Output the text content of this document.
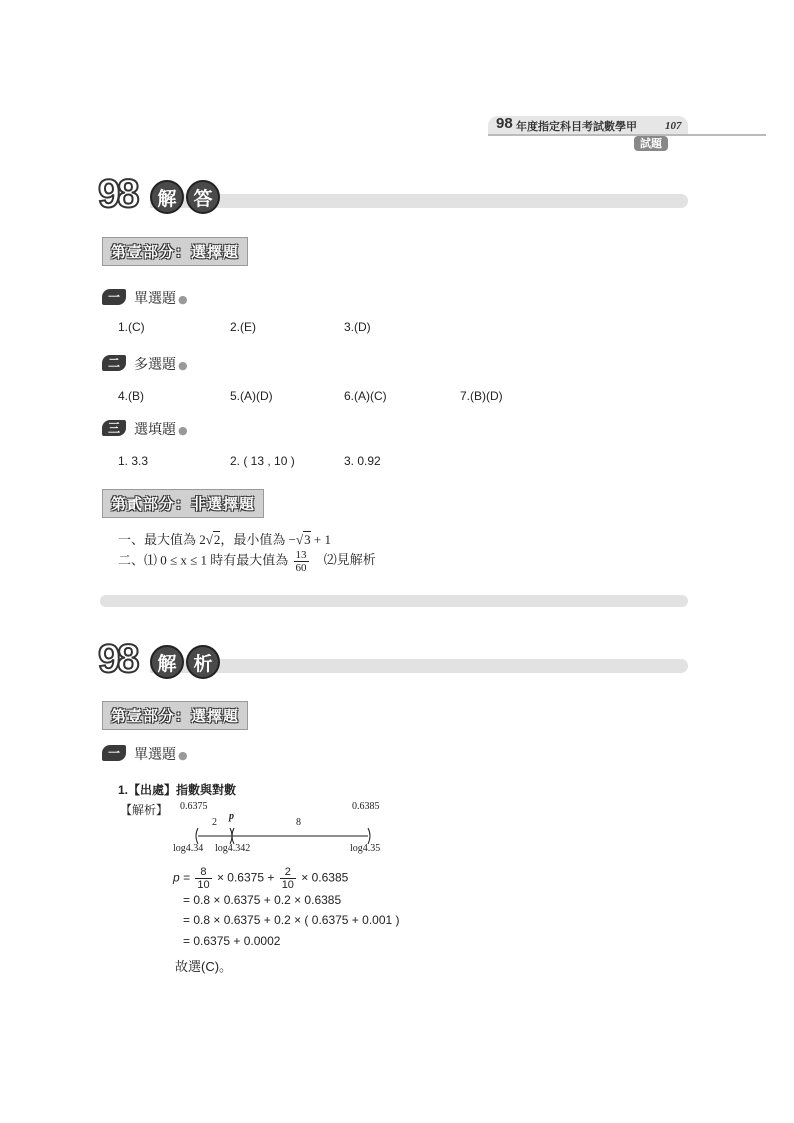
98 年度指定科目考試數學甲	107
試題
98	解 答
第壹部分：選擇題
一	單選題 ●
1.(C)	2.(E)	3.(D)
二	多選題 ●
4.(B)	5.(A)(D)	6.(A)(C)	7.(B)(D)
三	選填題 ●
1. 3.3	2. ( 13 , 10 )	3. 0.92
第貳部分：非選擇題
一、最大值為 2√2，最小值為 −√3 + 1
二、⑴ 0 ≤ x ≤ 1 時有最大值為 $\frac{13}{60}$ ⑵見解析
98	解 析
第壹部分：選擇題
一	單選題 ●
1.【出處】指數與對數
【解析】 0.6375	0.6385
2
p
8
log4.34 log4.342	log4.35
$p = \frac{8}{10} \times 0.6375 + \frac{2}{10} \times 0.6385$
= 0.8 × 0.6375 + 0.2 × 0.6385
= 0.8 × 0.6375 + 0.2 × ( 0.6375 + 0.001 )
= 0.6375 + 0.0002
故選(C)。
